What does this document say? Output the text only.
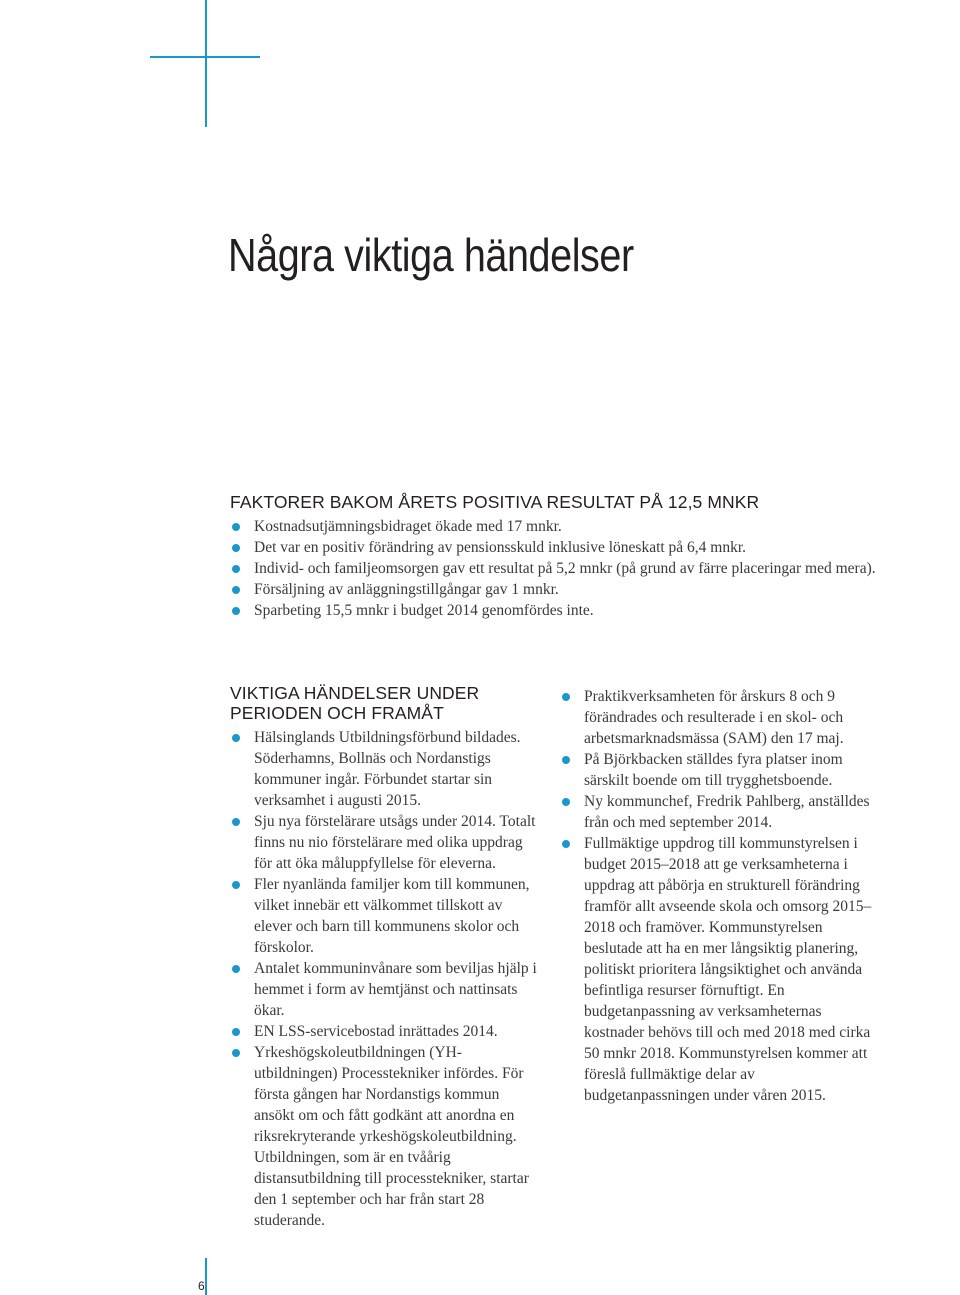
Några viktiga händelser
FAKTORER BAKOM ÅRETS POSITIVA RESULTAT PÅ 12,5 MNKR
Kostnadsutjämningsbidraget ökade med 17 mnkr.
Det var en positiv förändring av pensionsskuld inklusive löneskatt på 6,4 mnkr.
Individ- och familjeomsorgen gav ett resultat på 5,2 mnkr (på grund av färre placeringar med mera).
Försäljning av anläggningstillgångar gav 1 mnkr.
Sparbeting 15,5 mnkr i budget 2014 genomfördes inte.
VIKTIGA HÄNDELSER UNDER PERIODEN OCH FRAMÅT
Hälsinglands Utbildningsförbund bildades. Söderhamns, Bollnäs och Nordanstigs kommuner ingår. Förbundet startar sin verksamhet i augusti 2015.
Sju nya förstelärare utsågs under 2014. Totalt finns nu nio förstelärare med olika uppdrag för att öka måluppfyllelse för eleverna.
Fler nyanlända familjer kom till kommunen, vilket innebär ett välkommet tillskott av elever och barn till kommunens skolor och förskolor.
Antalet kommuninvånare som beviljas hjälp i hemmet i form av hemtjänst och nattinsats ökar.
EN LSS-servicebostad inrättades 2014.
Yrkeshögskoleutbildningen (YH-utbildningen) Processtekniker infördes. För första gången har Nordanstigs kommun ansökt om och fått godkänt att anordna en riksrekryterande yrkeshögskoleutbildning. Utbildningen, som är en tvåårig distansutbildning till processtekniker, startar den 1 september och har från start 28 studerande.
Praktikverksamheten för årskurs 8 och 9 förändrades och resulterade i en skol- och arbetsmarknadsmässa (SAM) den 17 maj.
På Björkbacken ställdes fyra platser inom särskilt boende om till trygghetsboende.
Ny kommunchef, Fredrik Pahlberg, anställdes från och med september 2014.
Fullmäktige uppdrog till kommunstyrelsen i budget 2015–2018 att ge verksamheterna i uppdrag att påbörja en strukturell förändring framför allt avseende skola och omsorg 2015–2018 och framöver. Kommunstyrelsen beslutade att ha en mer långsiktig planering, politiskt prioritera långsiktighet och använda befintliga resurser förnuftigt. En budgetanpassning av verksamheternas kostnader behövs till och med 2018 med cirka 50 mnkr 2018. Kommunstyrelsen kommer att föreslå fullmäktige delar av budgetanpassningen under våren 2015.
6
